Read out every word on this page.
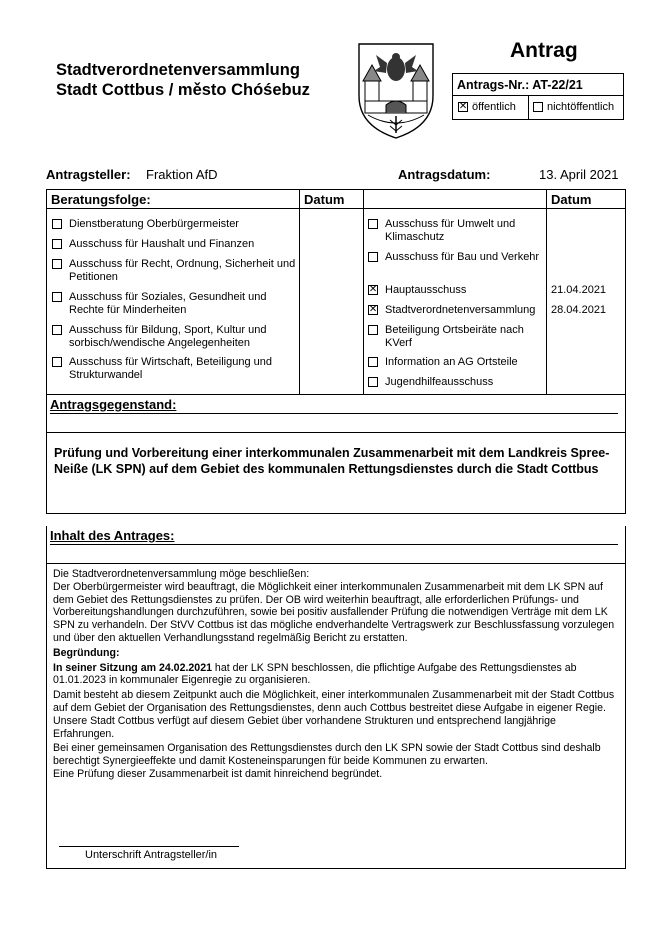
Stadtverordnetenversammlung
Stadt Cottbus / město Chóśebuz
Antrag
Antrags-Nr.: AT-22/21
✕ öffentlich	nichtöffentlich
Antragsteller: Fraktion AfD	Antragsdatum:	13. April 2021
Beratungsfolge:	Datum	Datum
Dienstberatung Oberbürgermeister
Ausschuss für Haushalt und Finanzen
Ausschuss für Recht, Ordnung, Sicherheit und Petitionen
Ausschuss für Soziales, Gesundheit und Rechte für Minderheiten
Ausschuss für Bildung, Sport, Kultur und sorbisch/wendische Angelegenheiten
Ausschuss für Wirtschaft, Beteiligung und Strukturwandel
Ausschuss für Umwelt und Klimaschutz
Ausschuss für Bau und Verkehr
✕ Hauptausschuss	21.04.2021
✕ Stadtverordnetenversammlung	28.04.2021
Beteiligung Ortsbeiräte nach KVerf
Information an AG Ortsteile
Jugendhilfeausschuss
Antragsgegenstand:
Prüfung und Vorbereitung einer interkommunalen Zusammenarbeit mit dem Landkreis Spree-Neiße (LK SPN) auf dem Gebiet des kommunalen Rettungsdienstes durch die Stadt Cottbus
Inhalt des Antrages:
Die Stadtverordnetenversammlung möge beschließen:
Der Oberbürgermeister wird beauftragt, die Möglichkeit einer interkommunalen Zusammenarbeit mit dem LK SPN auf dem Gebiet des Rettungsdienstes zu prüfen. Der OB wird weiterhin beauftragt, alle erforderlichen Prüfungs- und Vorbereitungshandlungen durchzuführen, sowie bei positiv ausfallender Prüfung die notwendigen Verträge mit dem LK SPN zu verhandeln. Der StVV Cottbus ist das mögliche endverhandelte Vertragswerk zur Beschlussfassung vorzulegen und über den aktuellen Verhandlungsstand regelmäßig Bericht zu erstatten.
Begründung:
In seiner Sitzung am 24.02.2021 hat der LK SPN beschlossen, die pflichtige Aufgabe des Rettungsdienstes ab 01.01.2023 in kommunaler Eigenregie zu organisieren.
Damit besteht ab diesem Zeitpunkt auch die Möglichkeit, einer interkommunalen Zusammenarbeit mit der Stadt Cottbus auf dem Gebiet der Organisation des Rettungsdienstes, denn auch Cottbus bestreitet diese Aufgabe in eigener Regie. Unsere Stadt Cottbus verfügt auf diesem Gebiet über vorhandene Strukturen und entsprechend langjährige Erfahrungen.
Bei einer gemeinsamen Organisation des Rettungsdienstes durch den LK SPN sowie der Stadt Cottbus sind deshalb berechtigt Synergieeffekte und damit Kosteneinsparungen für beide Kommunen zu erwarten.
Eine Prüfung dieser Zusammenarbeit ist damit hinreichend begründet.
Unterschrift Antragsteller/in
